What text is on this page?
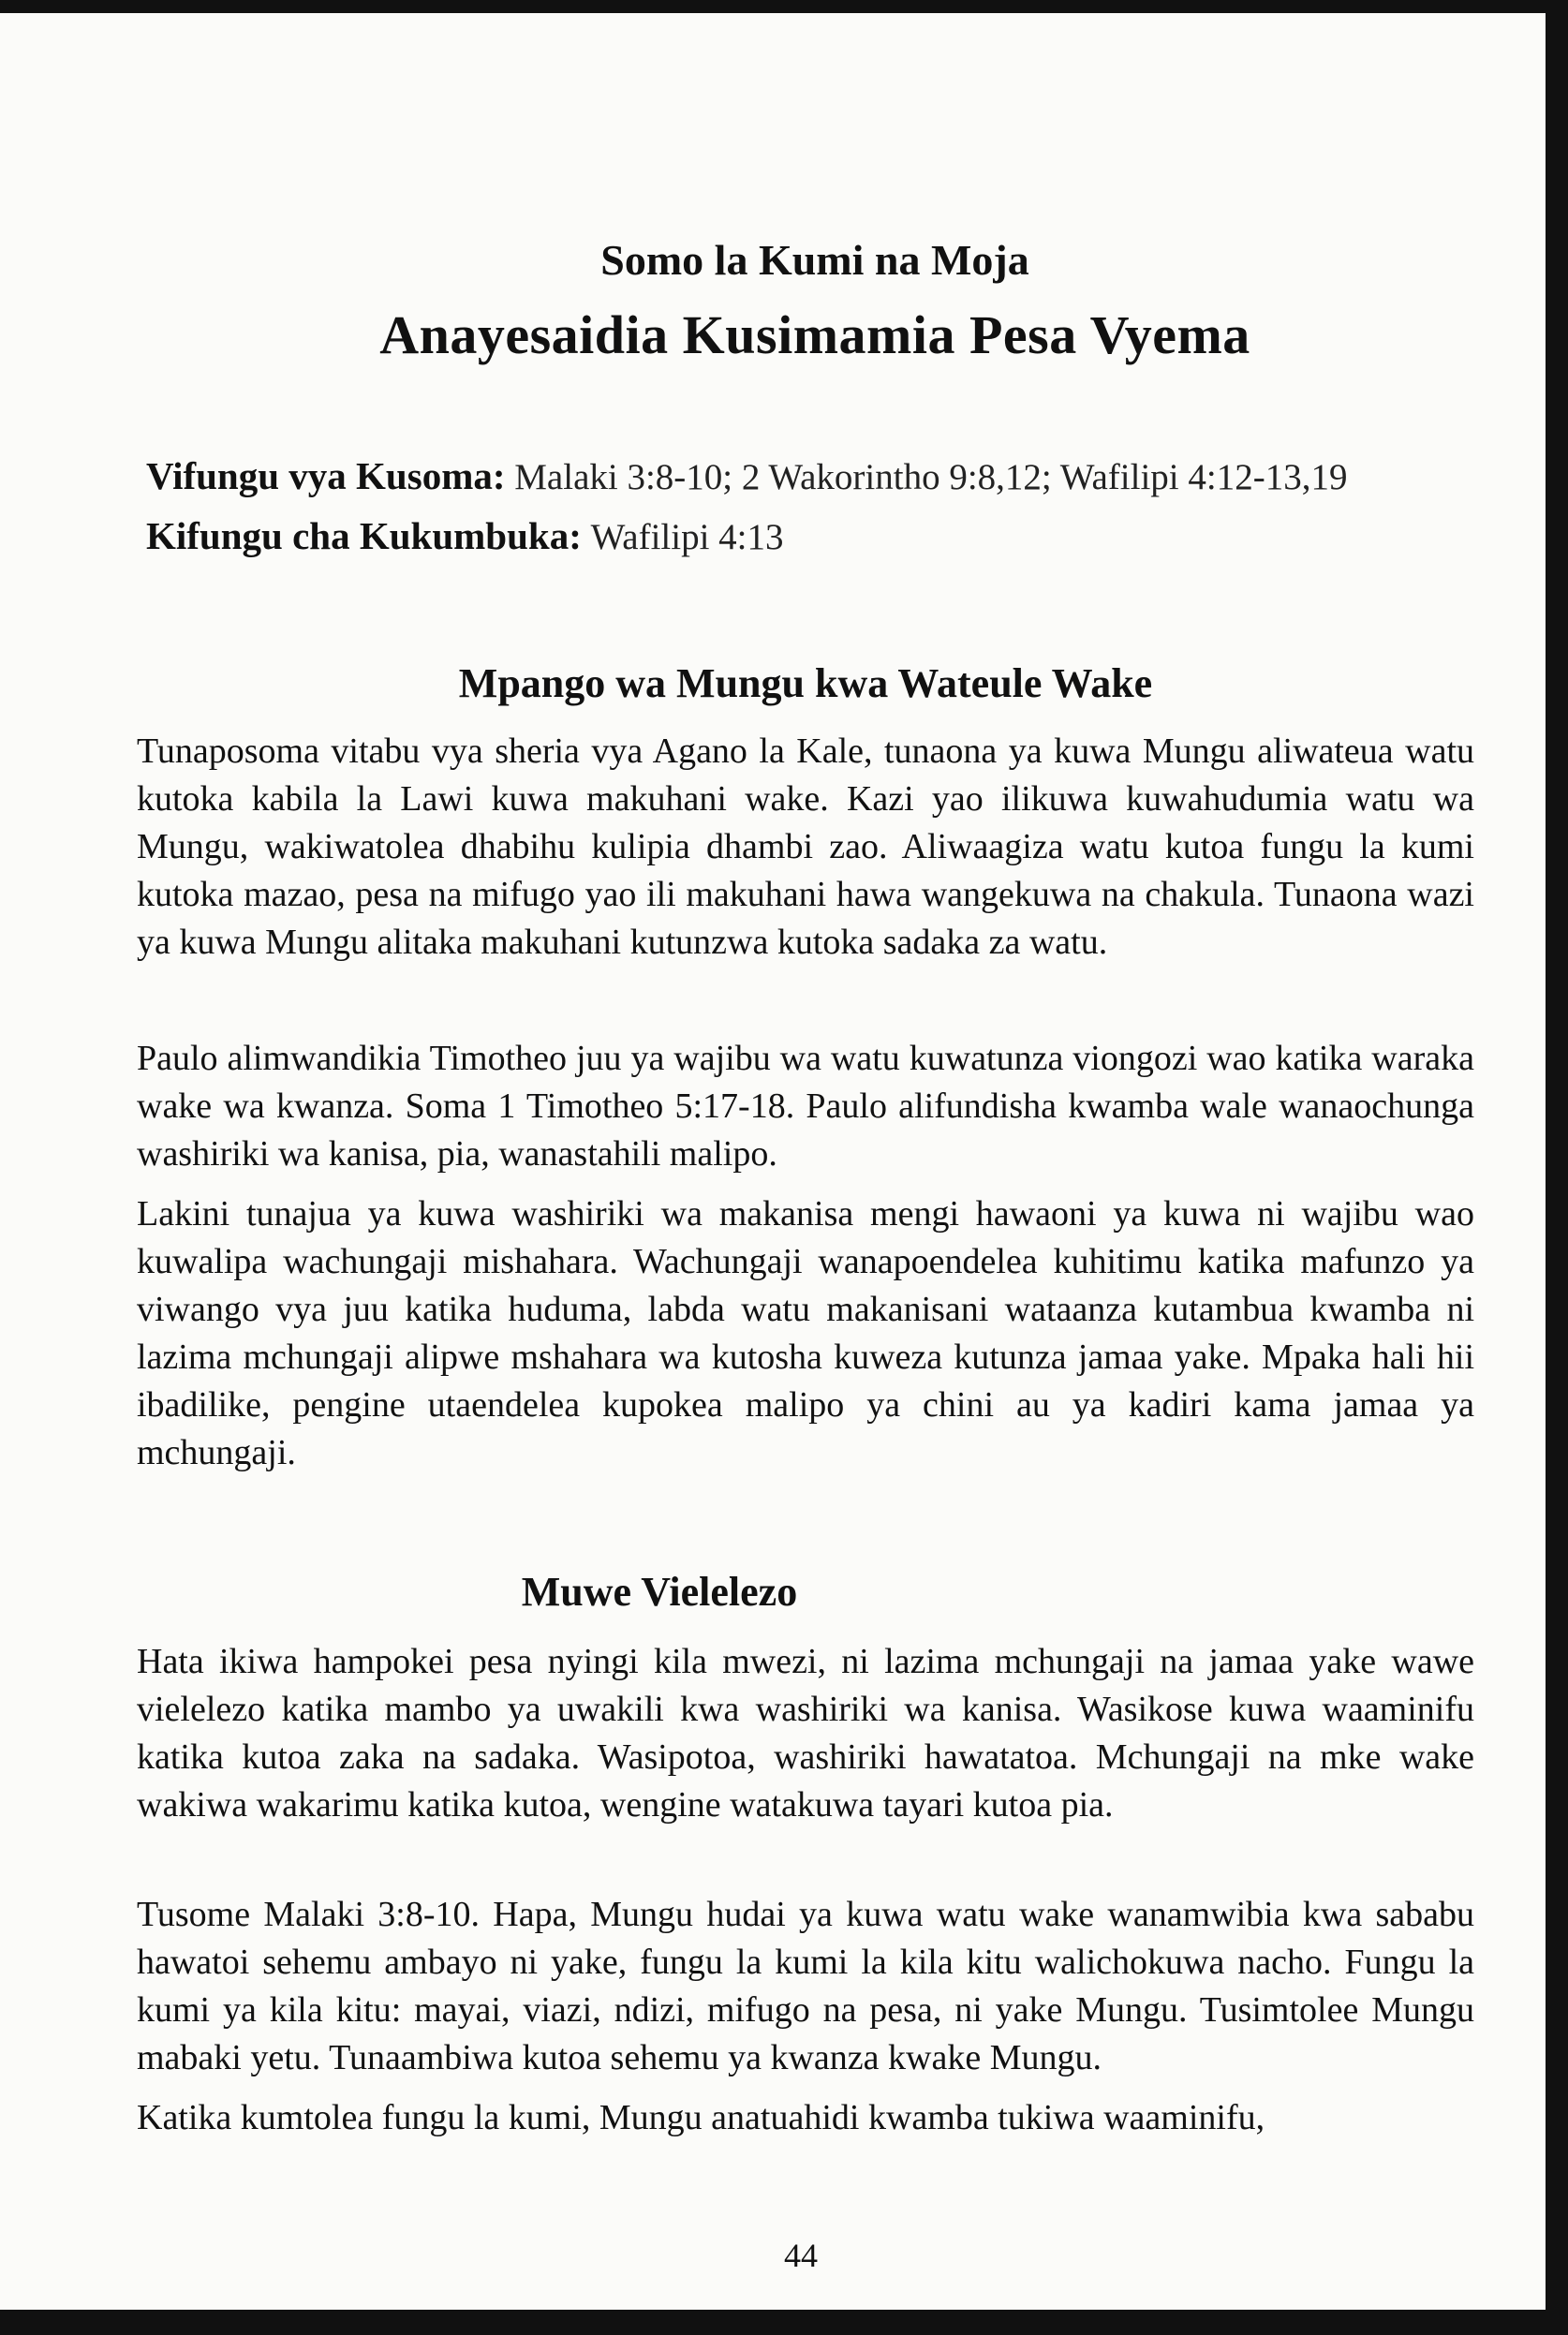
Somo la Kumi na Moja
Anayesaidia Kusimamia Pesa Vyema

Vifungu vya Kusoma: Malaki 3:8-10; 2 Wakorintho 9:8,12; Wafilipi 4:12-13,19

Kifungu cha Kukumbuka: Wafilipi 4:13

Mpango wa Mungu kwa Wateule Wake

Tunaposoma vitabu vya sheria vya Agano la Kale, tunaona ya kuwa Mungu aliwateua watu kutoka kabila la Lawi kuwa makuhani wake. Kazi yao ilikuwa kuwahudumia watu wa Mungu, wakiwatolea dhabihu kulipia dhambi zao. Aliwaagiza watu kutoa fungu la kumi kutoka mazao, pesa na mifugo yao ili makuhani hawa wangekuwa na chakula. Tunaona wazi ya kuwa Mungu alitaka makuhani kutunzwa kutoka sadaka za watu.

Paulo alimwandikia Timotheo juu ya wajibu wa watu kuwatunza viongozi wao katika waraka wake wa kwanza. Soma 1 Timotheo 5:17-18. Paulo alifundisha kwamba wale wanaochunga washiriki wa kanisa, pia, wanastahili malipo.

Lakini tunajua ya kuwa washiriki wa makanisa mengi hawaoni ya kuwa ni wajibu wao kuwalipa wachungaji mishahara. Wachungaji wanapoendelea kuhitimu katika mafunzo ya viwango vya juu katika huduma, labda watu makanisani wataanza kutambua kwamba ni lazima mchungaji alipwe mshahara wa kutosha kuweza kutunza jamaa yake. Mpaka hali hii ibadilike, pengine utaendelea kupokea malipo ya chini au ya kadiri kama jamaa ya mchungaji.

Muwe Vielelezo

Hata ikiwa hampokei pesa nyingi kila mwezi, ni lazima mchungaji na jamaa yake wawe vielelezo katika mambo ya uwakili kwa washiriki wa kanisa. Wasikose kuwa waaminifu katika kutoa zaka na sadaka. Wasipotoa, washiriki hawatatoa. Mchungaji na mke wake wakiwa wakarimu katika kutoa, wengine watakuwa tayari kutoa pia.

Tusome Malaki 3:8-10. Hapa, Mungu hudai ya kuwa watu wake wanamwibia kwa sababu hawatoi sehemu ambayo ni yake, fungu la kumi la kila kitu walichokuwa nacho. Fungu la kumi ya kila kitu: mayai, viazi, ndizi, mifugo na pesa, ni yake Mungu. Tusimtolee Mungu mabaki yetu. Tunaambiwa kutoa sehemu ya kwanza kwake Mungu.

Katika kumtolea fungu la kumi, Mungu anatuahidi kwamba tukiwa waaminifu,

44
